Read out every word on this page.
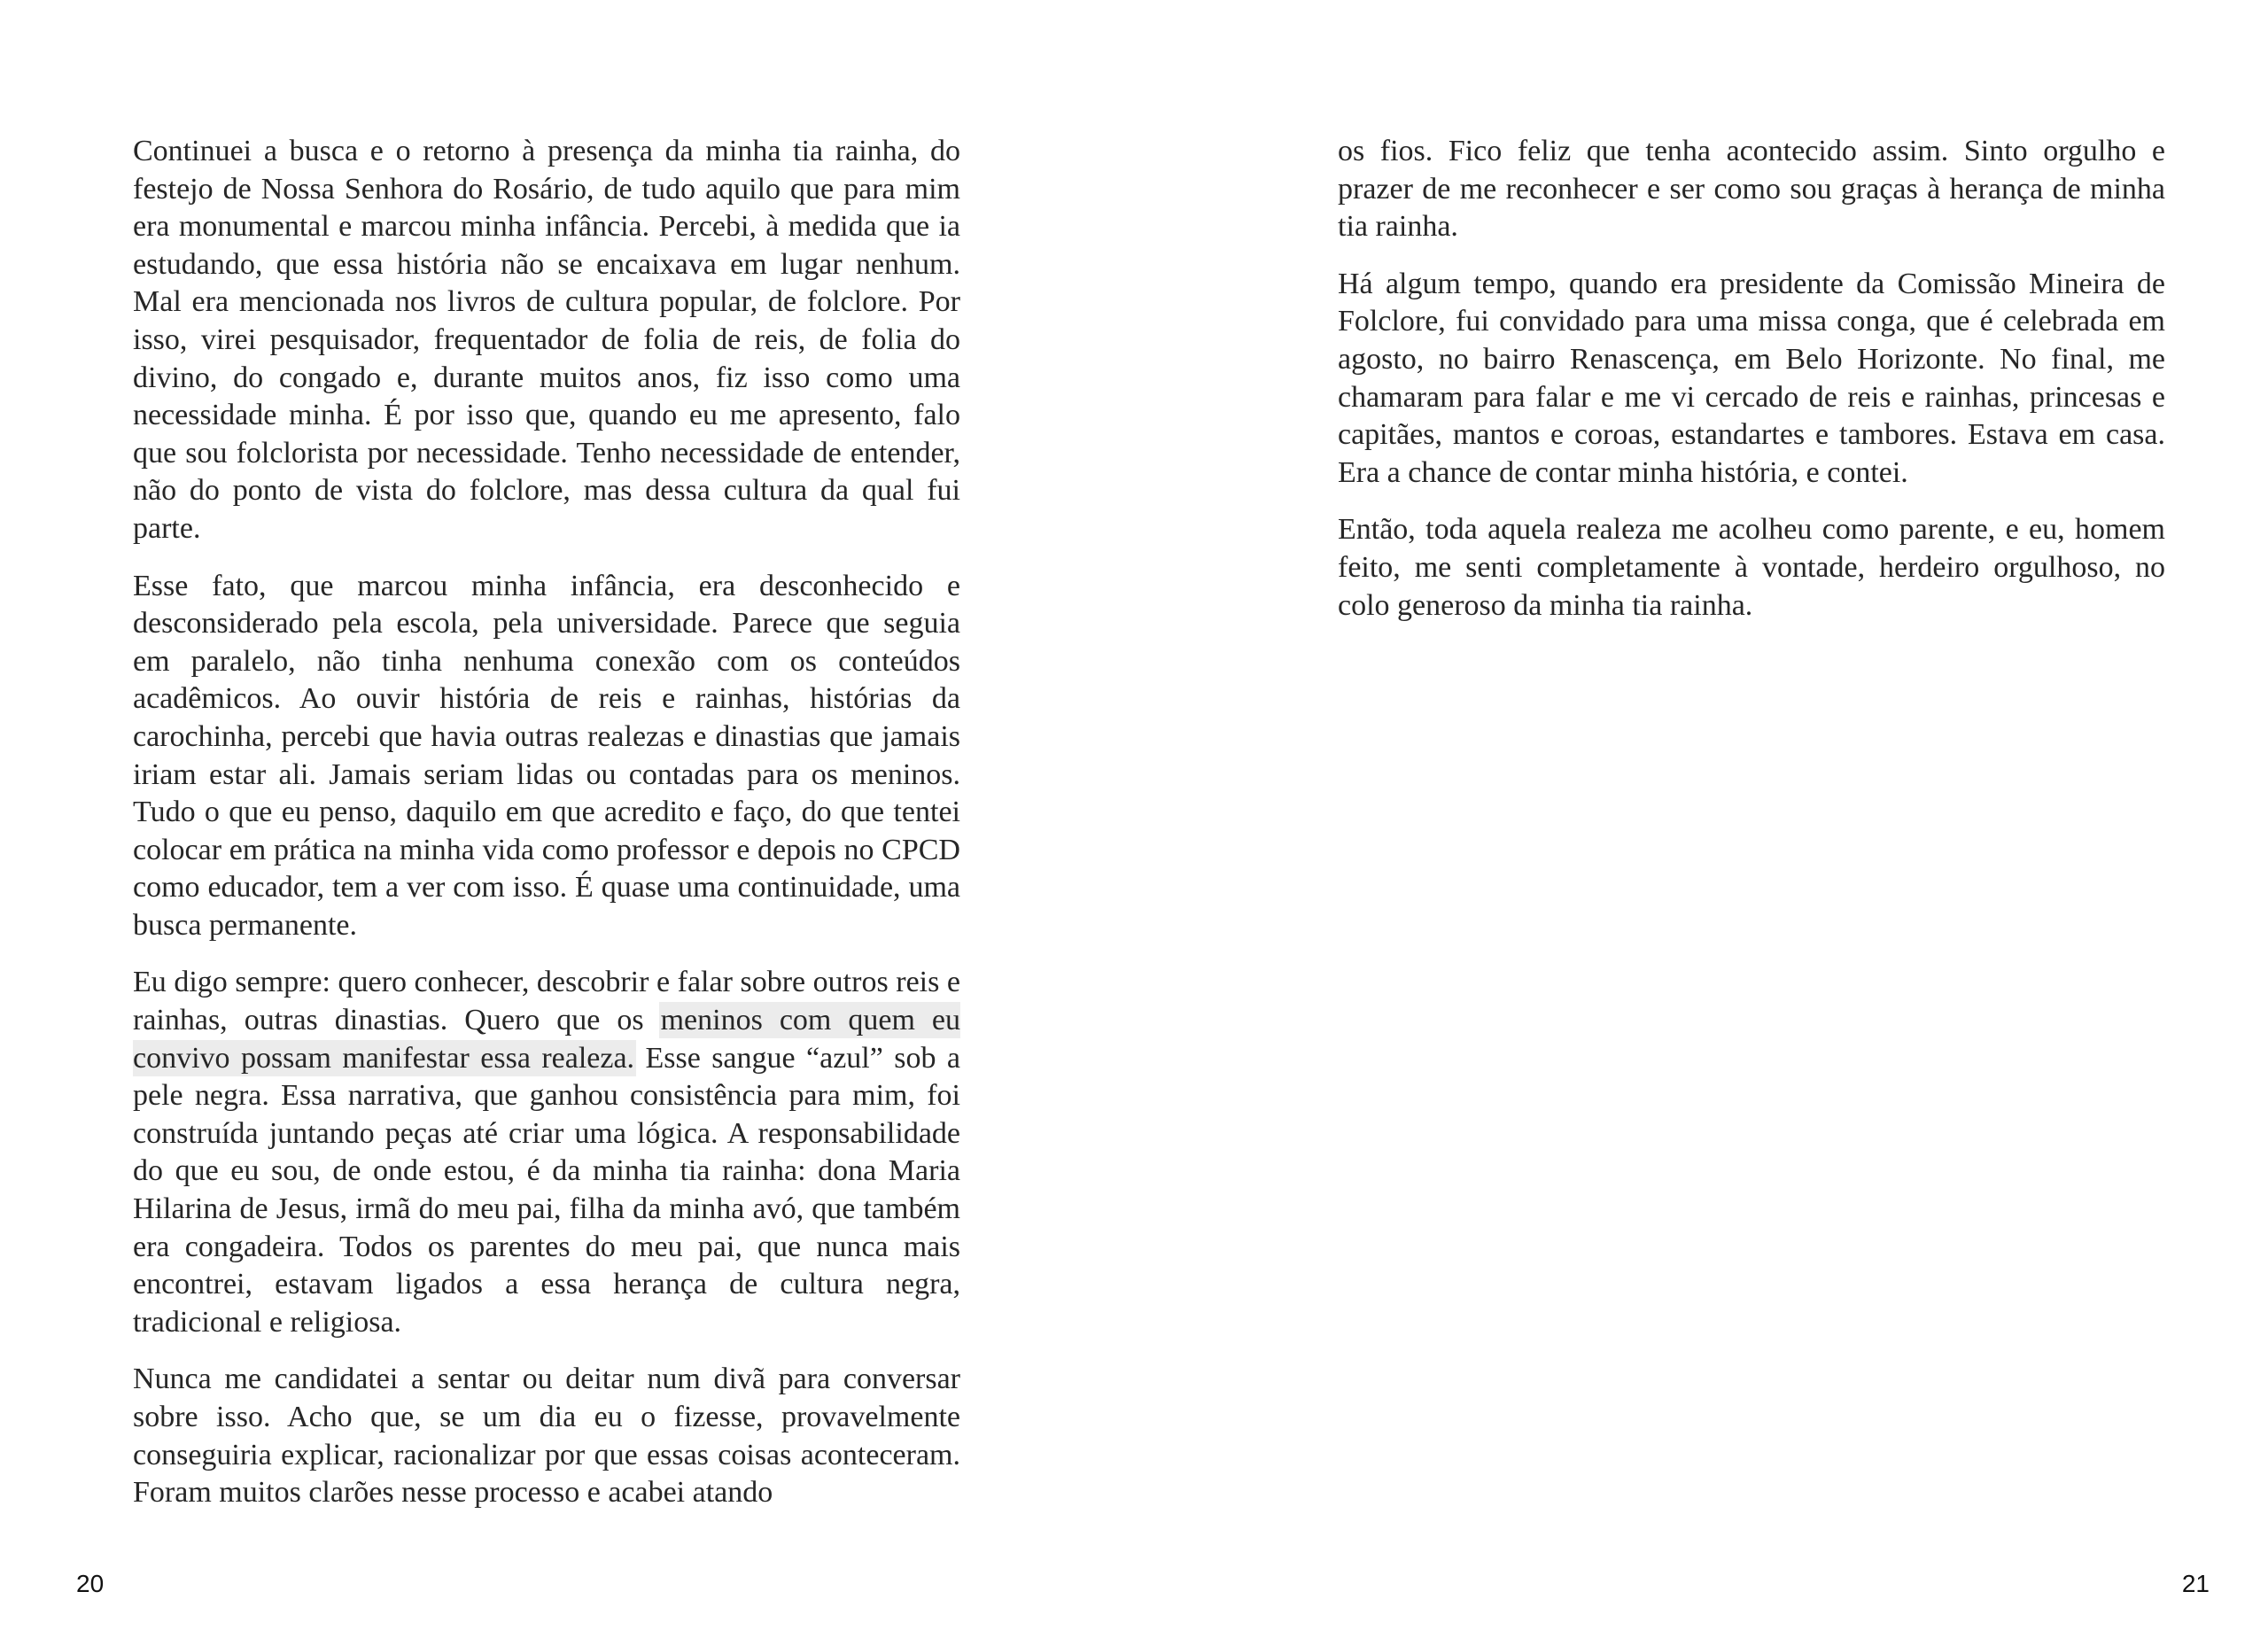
Continuei a busca e o retorno à presença da minha tia rainha, do festejo de Nossa Senhora do Rosário, de tudo aquilo que para mim era monumental e marcou minha infância. Percebi, à medida que ia estudando, que essa história não se encaixava em lugar nenhum. Mal era mencionada nos livros de cultura popular, de folclore. Por isso, virei pesquisador, frequentador de folia de reis, de folia do divino, do congado e, durante muitos anos, fiz isso como uma necessidade minha. É por isso que, quando eu me apresento, falo que sou folclorista por necessidade. Tenho necessidade de entender, não do ponto de vista do folclore, mas dessa cultura da qual fui parte.

Esse fato, que marcou minha infância, era desconhecido e desconsiderado pela escola, pela universidade. Parece que seguia em paralelo, não tinha nenhuma conexão com os conteúdos acadêmicos. Ao ouvir história de reis e rainhas, histórias da carochinha, percebi que havia outras realezas e dinastias que jamais iriam estar ali. Jamais seriam lidas ou contadas para os meninos. Tudo o que eu penso, daquilo em que acredito e faço, do que tentei colocar em prática na minha vida como professor e depois no CPCD como educador, tem a ver com isso. É quase uma continuidade, uma busca permanente.

Eu digo sempre: quero conhecer, descobrir e falar sobre outros reis e rainhas, outras dinastias. Quero que os meninos com quem eu convivo possam manifestar essa realeza. Esse sangue “azul” sob a pele negra. Essa narrativa, que ganhou consistência para mim, foi construída juntando peças até criar uma lógica. A responsabilidade do que eu sou, de onde estou, é da minha tia rainha: dona Maria Hilarina de Jesus, irmã do meu pai, filha da minha avó, que também era congadeira. Todos os parentes do meu pai, que nunca mais encontrei, estavam ligados a essa herança de cultura negra, tradicional e religiosa.

Nunca me candidatei a sentar ou deitar num divã para conversar sobre isso. Acho que, se um dia eu o fizesse, provavelmente conseguiria explicar, racionalizar por que essas coisas aconteceram. Foram muitos clarões nesse processo e acabei atando

20

os fios. Fico feliz que tenha acontecido assim. Sinto orgulho e prazer de me reconhecer e ser como sou graças à herança de minha tia rainha.

Há algum tempo, quando era presidente da Comissão Mineira de Folclore, fui convidado para uma missa conga, que é celebrada em agosto, no bairro Renascença, em Belo Horizonte. No final, me chamaram para falar e me vi cercado de reis e rainhas, princesas e capitães, mantos e coroas, estandartes e tambores. Estava em casa. Era a chance de contar minha história, e contei.

Então, toda aquela realeza me acolheu como parente, e eu, homem feito, me senti completamente à vontade, herdeiro orgulhoso, no colo generoso da minha tia rainha.

21
